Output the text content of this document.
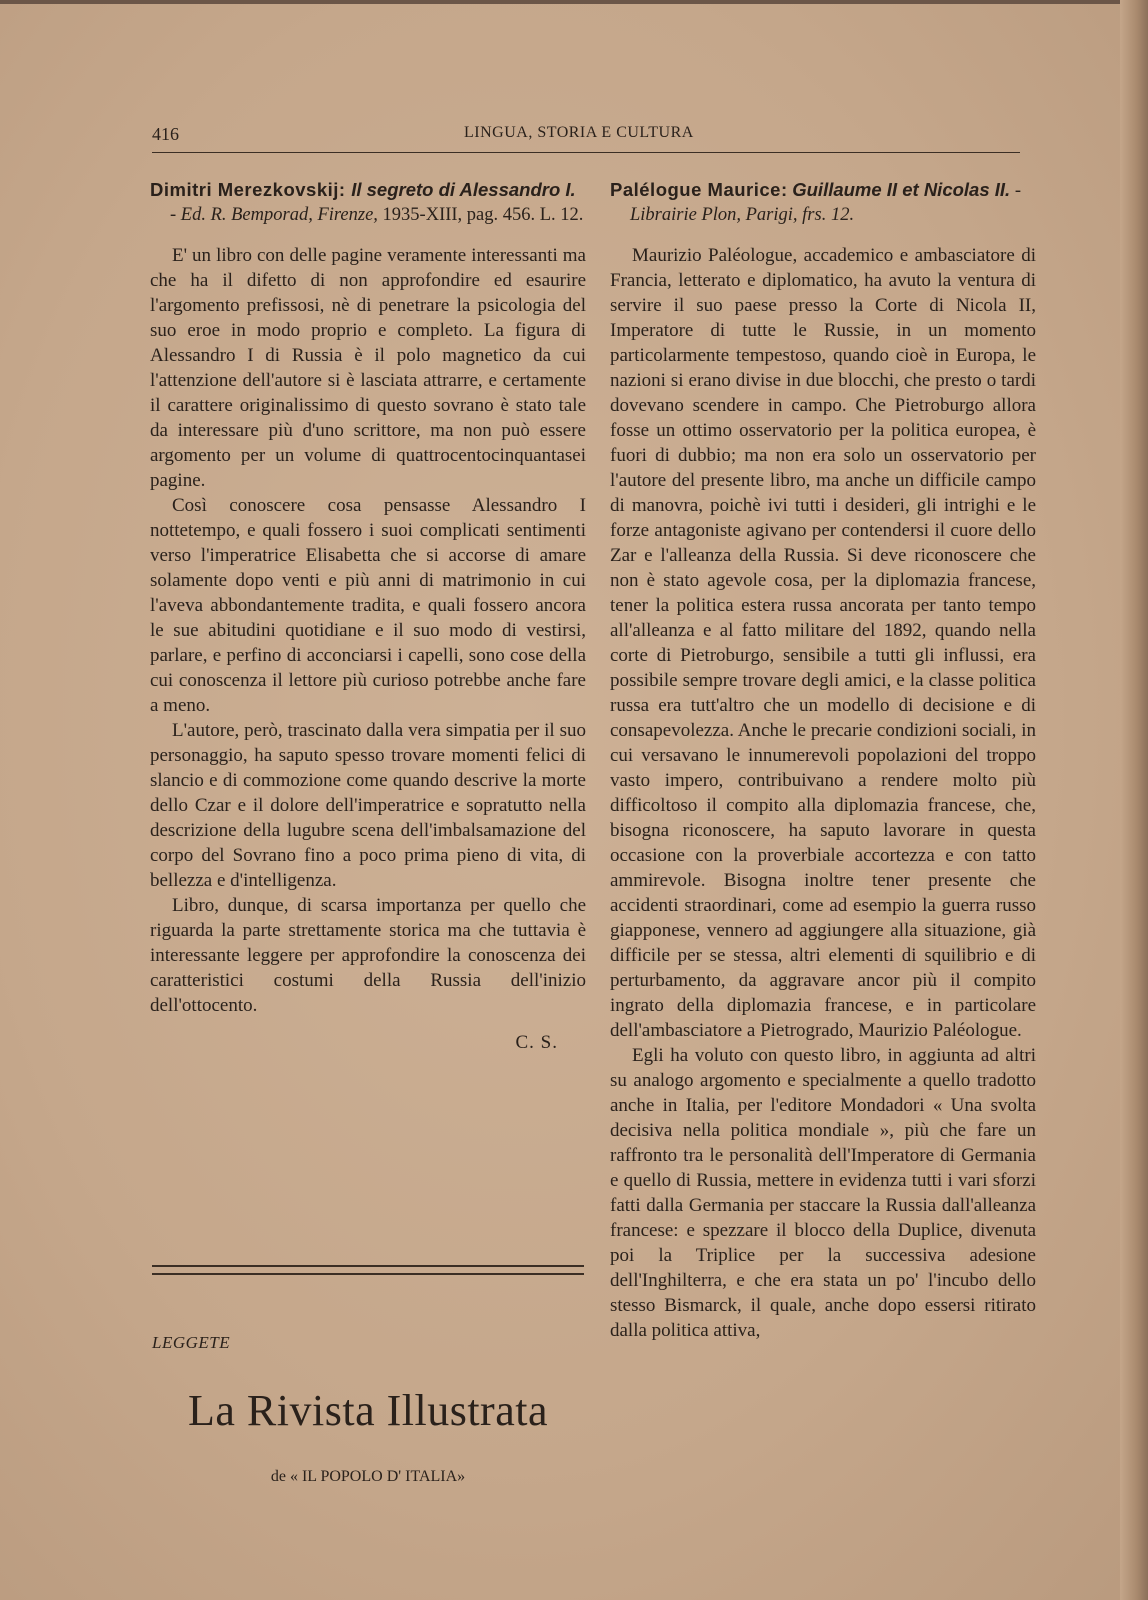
416	LINGUA, STORIA E CULTURA
Dimitri Merezkovskij: Il segreto di Alessandro I. - Ed. R. Bemporad, Firenze, 1935-XIII, pag. 456. L. 12.

E' un libro con delle pagine veramente interessanti ma che ha il difetto di non approfondire ed esaurire l'argomento prefissosi, nè di penetrare la psicologia del suo eroe in modo proprio e completo. La figura di Alessandro I di Russia è il polo magnetico da cui l'attenzione dell'autore si è lasciata attrarre, e certamente il carattere originalissimo di questo sovrano è stato tale da interessare più d'uno scrittore, ma non può essere argomento per un volume di quattrocentocinquantasei pagine.

Così conoscere cosa pensasse Alessandro I nottetempo, e quali fossero i suoi complicati sentimenti verso l'imperatrice Elisabetta che si accorse di amare solamente dopo venti e più anni di matrimonio in cui l'aveva abbondantemente tradita, e quali fossero ancora le sue abitudini quotidiane e il suo modo di vestirsi, parlare, e perfino di acconciarsi i capelli, sono cose della cui conoscenza il lettore più curioso potrebbe anche fare a meno.

L'autore, però, trascinato dalla vera simpatia per il suo personaggio, ha saputo spesso trovare momenti felici di slancio e di commozione come quando descrive la morte dello Czar e il dolore dell'imperatrice e sopratutto nella descrizione della lugubre scena dell'imbalsamazione del corpo del Sovrano fino a poco prima pieno di vita, di bellezza e d'intelligenza.

Libro, dunque, di scarsa importanza per quello che riguarda la parte strettamente storica ma che tuttavia è interessante leggere per approfondire la conoscenza dei caratteristici costumi della Russia dell'inizio dell'ottocento.

C. S.
LEGGETE
La Rivista Illustrata
de « IL POPOLO D' ITALIA»
Palélogue Maurice: Guillaume II et Nicolas II. - Librairie Plon, Parigi, frs. 12.

Maurizio Paléologue, accademico e ambasciatore di Francia, letterato e diplomatico, ha avuto la ventura di servire il suo paese presso la Corte di Nicola II, Imperatore di tutte le Russie, in un momento particolarmente tempestoso, quando cioè in Europa, le nazioni si erano divise in due blocchi, che presto o tardi dovevano scendere in campo. Che Pietroburgo allora fosse un ottimo osservatorio per la politica europea, è fuori di dubbio; ma non era solo un osservatorio per l'autore del presente libro, ma anche un difficile campo di manovra, poichè ivi tutti i desideri, gli intrighi e le forze antagoniste agivano per contendersi il cuore dello Zar e l'alleanza della Russia. Si deve riconoscere che non è stato agevole cosa, per la diplomazia francese, tener la politica estera russa ancorata per tanto tempo all'alleanza e al fatto militare del 1892, quando nella corte di Pietroburgo, sensibile a tutti gli influssi, era possibile sempre trovare degli amici, e la classe politica russa era tutt'altro che un modello di decisione e di consapevolezza. Anche le precarie condizioni sociali, in cui versavano le innumerevoli popolazioni del troppo vasto impero, contribuivano a rendere molto più difficoltoso il compito alla diplomazia francese, che, bisogna riconoscere, ha saputo lavorare in questa occasione con la proverbiale accortezza e con tatto ammirevole. Bisogna inoltre tener presente che accidenti straordinari, come ad esempio la guerra russo giapponese, vennero ad aggiungere alla situazione, già difficile per se stessa, altri elementi di squilibrio e di perturbamento, da aggravare ancor più il compito ingrato della diplomazia francese, e in particolare dell'ambasciatore a Pietrogrado, Maurizio Paléologue.

Egli ha voluto con questo libro, in aggiunta ad altri su analogo argomento e specialmente a quello tradotto anche in Italia, per l'editore Mondadori « Una svolta decisiva nella politica mondiale », più che fare un raffronto tra le personalità dell'Imperatore di Germania e quello di Russia, mettere in evidenza tutti i vari sforzi fatti dalla Germania per staccare la Russia dall'alleanza francese: e spezzare il blocco della Duplice, divenuta poi la Triplice per la successiva adesione dell'Inghilterra, e che era stata un po' l'incubo dello stesso Bismarck, il quale, anche dopo essersi ritirato dalla politica attiva,
